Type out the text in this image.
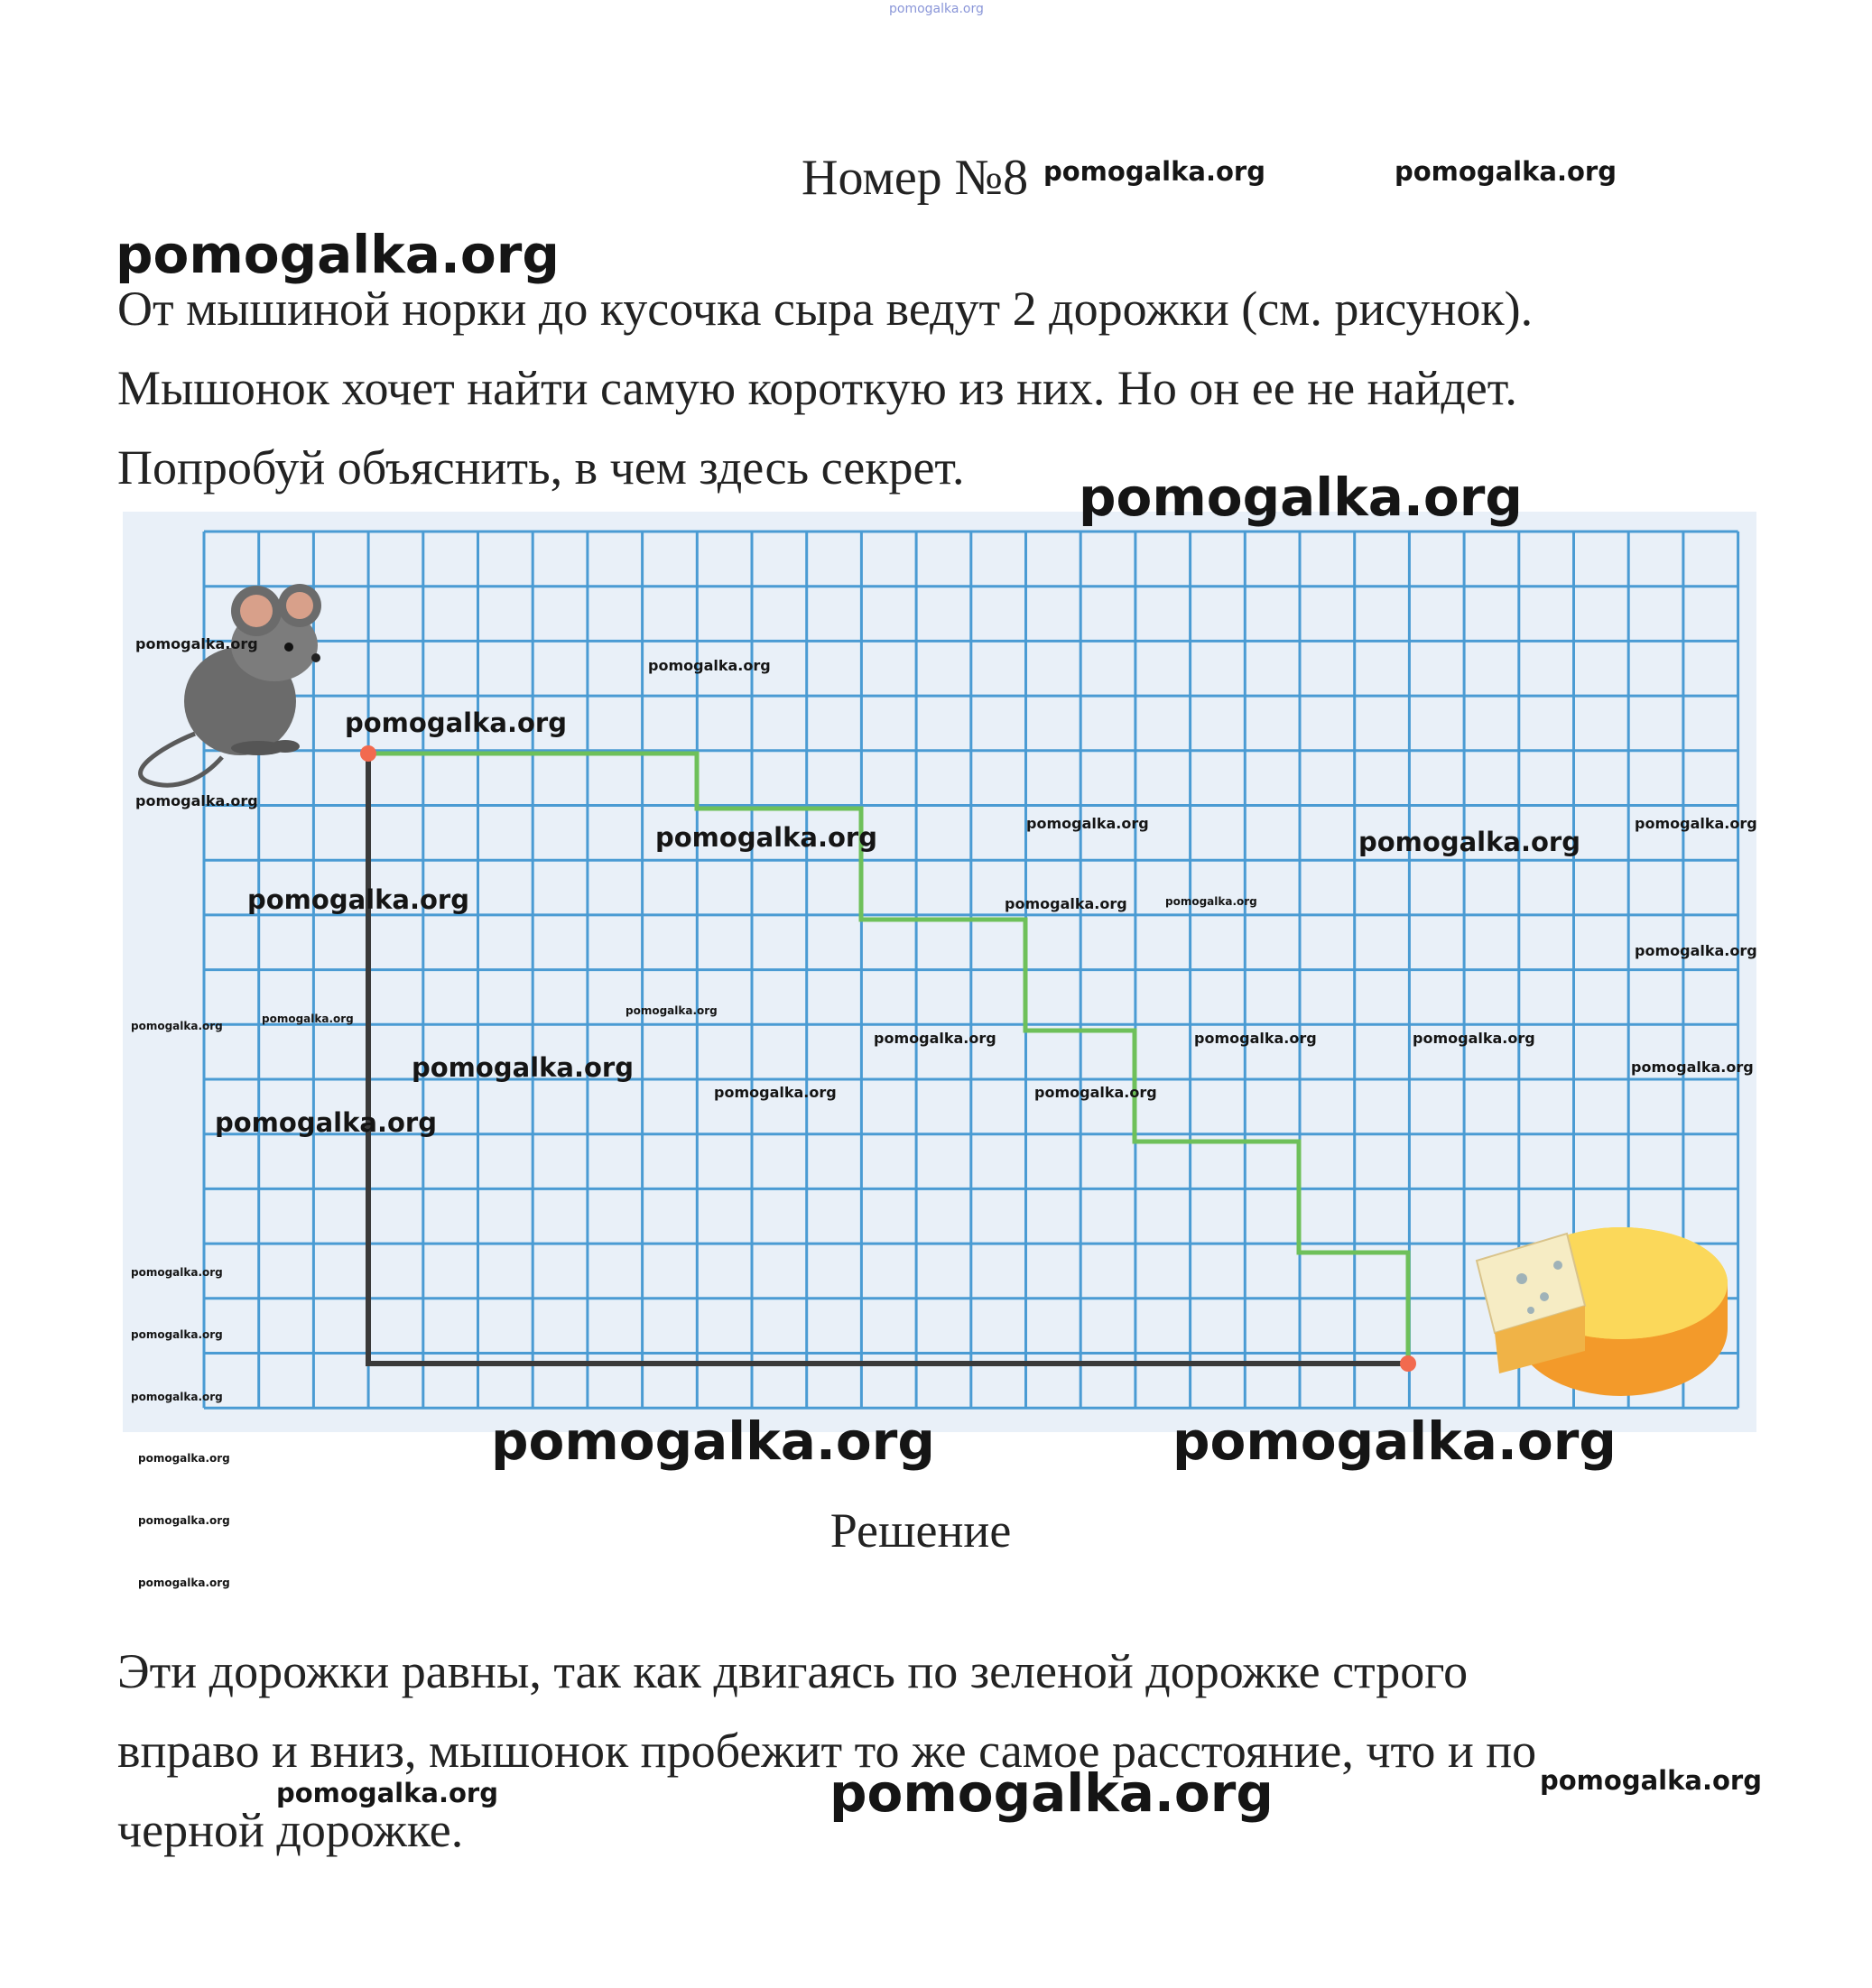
pomogalka.org
Номер №8
От мышиной норки до кусочка сыра ведут 2 дорожки (см. рисунок).
Мышонок хочет найти самую короткую из них. Но он ее не найдет.
Попробуй объяснить, в чем здесь секрет.
Решение
Эти дорожки равны, так как двигаясь по зеленой дорожке строго
вправо и вниз, мышонок пробежит то же самое расстояние, что и по
черной дорожке.
pomogalka.org	pomogalka.org
pomogalka.org
pomogalka.org
pomogalka.org
pomogalka.org
pomogalka.org
pomogalka.org
pomogalka.org	pomogalka.org
pomogalka.org
pomogalka.org
pomogalka.org	pomogalka.org	pomogalka.org
pomogalka.org
pomogalka.org
pomogalka.org
pomogalka.org
pomogalka.org	pomogalka.org	pomogalka.org
pomogalka.org
pomogalka.org
pomogalka.org	pomogalka.org
pomogalka.org
pomogalka.org
pomogalka.org
pomogalka.org
pomogalka.org
pomogalka.org
pomogalka.org
pomogalka.org	pomogalka.org
pomogalka.org
pomogalka.org	pomogalka.org
